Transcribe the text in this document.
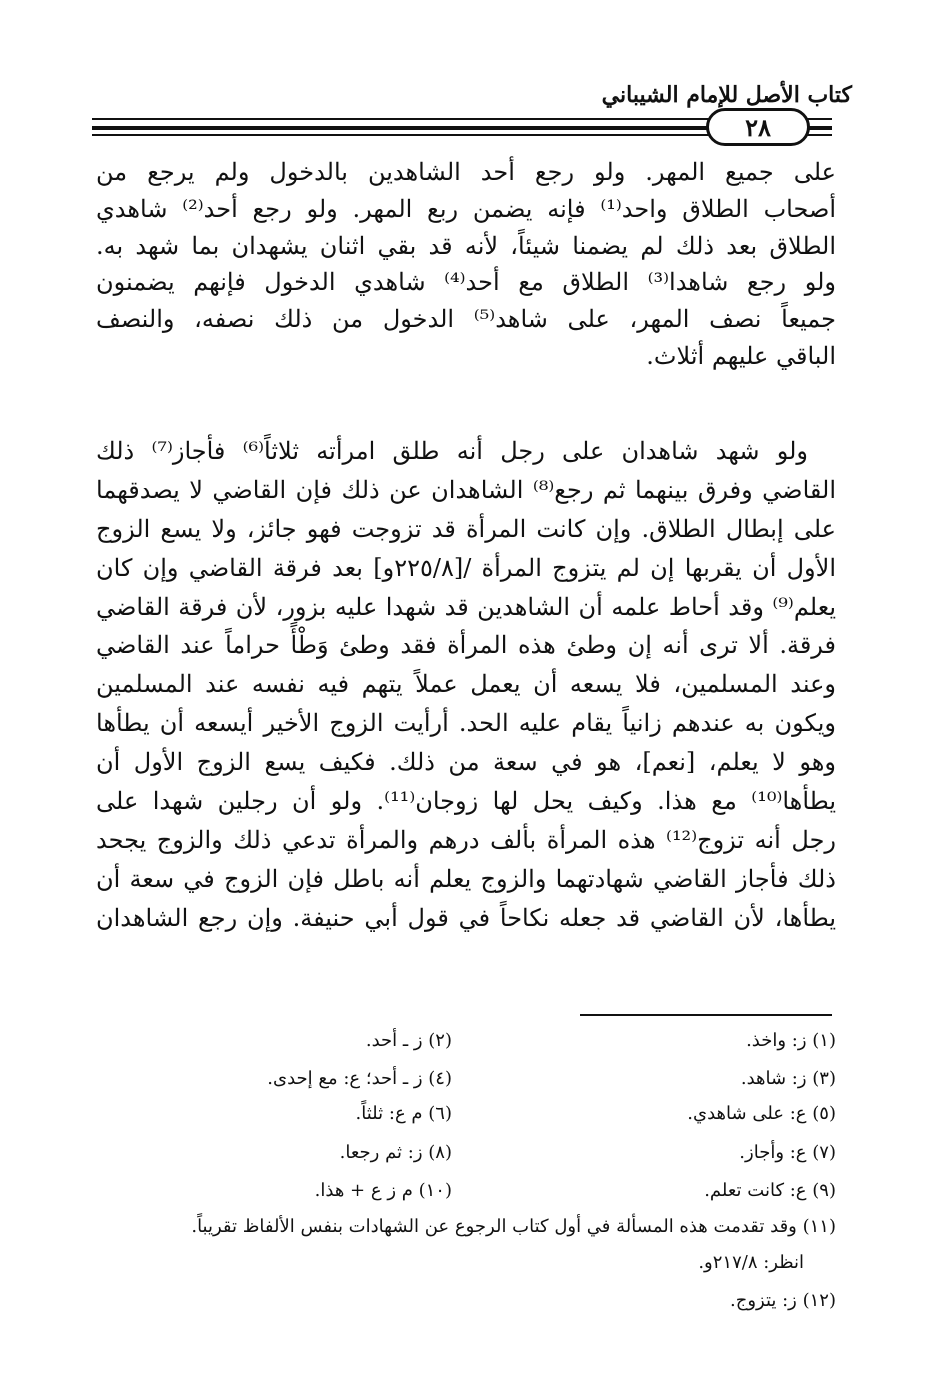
كتاب الأصل للإمام الشيباني
٢٨
على جميع المهر. ولو رجع أحد الشاهدين بالدخول ولم يرجع من
أصحاب الطلاق واحد⁽¹⁾ فإنه يضمن ربع المهر. ولو رجع أحد⁽²⁾ شاهدي
الطلاق بعد ذلك لم يضمنا شيئاً، لأنه قد بقي اثنان يشهدان بما شهد به.
ولو رجع شاهدا⁽³⁾ الطلاق مع أحد⁽⁴⁾ شاهدي الدخول فإنهم يضمنون
جميعاً نصف المهر، على شاهد⁽⁵⁾ الدخول من ذلك نصفه، والنصف
الباقي عليهم أثلاث.
ولو شهد شاهدان على رجل أنه طلق امرأته ثلاثاً⁽⁶⁾ فأجاز⁽⁷⁾ ذلك
القاضي وفرق بينهما ثم رجع⁽⁸⁾ الشاهدان عن ذلك فإن القاضي لا يصدقهما
على إبطال الطلاق. وإن كانت المرأة قد تزوجت فهو جائز، ولا يسع الزوج
الأول أن يقربها إن لم يتزوج المرأة /[٢٢٥/٨و] بعد فرقة القاضي وإن كان
يعلم⁽⁹⁾ وقد أحاط علمه أن الشاهدين قد شهدا عليه بزور، لأن فرقة القاضي
فرقة. ألا ترى أنه إن وطئ هذه المرأة فقد وطئ وَطْأً حراماً عند القاضي
وعند المسلمين، فلا يسعه أن يعمل عملاً يتهم فيه نفسه عند المسلمين
ويكون به عندهم زانياً يقام عليه الحد. أرأيت الزوج الأخير أيسعه أن يطأها
وهو لا يعلم، [نعم]، هو في سعة من ذلك. فكيف يسع الزوج الأول أن
يطأها⁽¹⁰⁾ مع هذا. وكيف يحل لها زوجان⁽¹¹⁾. ولو أن رجلين شهدا على
رجل أنه تزوج⁽¹²⁾ هذه المرأة بألف درهم والمرأة تدعي ذلك والزوج يجحد
ذلك فأجاز القاضي شهادتهما والزوج يعلم أنه باطل فإن الزوج في سعة أن
يطأها، لأن القاضي قد جعله نكاحاً في قول أبي حنيفة. وإن رجع الشاهدان
(١) ز: واخذ.
(٢) ز ـ أحد.
(٣) ز: شاهد.
(٤) ز ـ أحد؛ ع: مع إحدى.
(٥) ع: على شاهدي.
(٦) م ع: ثلثاً.
(٧) ع: وأجاز.
(٨) ز: ثم رجعا.
(٩) ع: كانت تعلم.
(١٠) م ز ع + هذا.
(١١) وقد تقدمت هذه المسألة في أول كتاب الرجوع عن الشهادات بنفس الألفاظ تقريباً.
انظر: ٢١٧/٨و.
(١٢) ز: يتزوج.
